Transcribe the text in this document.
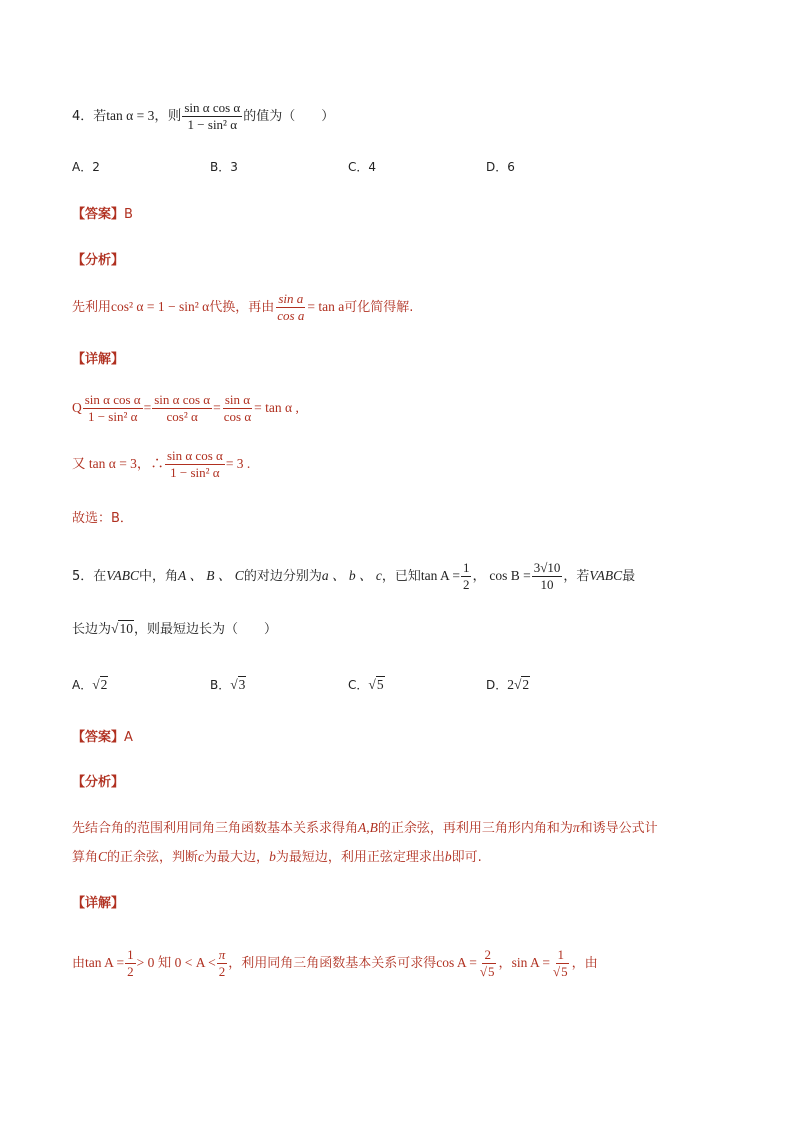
4．若tan α = 3，则 $\frac{\text{sin α cos α}}{\text{1 − sin² α}}$ 的值为（　　）
A．2	B．3	C．4	D．6
【答案】B
【分析】
先利用cos² α = 1 − sin² α代换，再由 $\frac{\text{sin a}}{\text{cos a}} = \tan a$可化简得解.
【详解】
Q $\frac{\text{sin α cos α}}{\text{1 − sin² α}} = \frac{\text{sin α cos α}}{\text{cos² α}} = \frac{\text{sin α}}{\text{cos α}} = \tan \alpha$ ,
又 tan α = 3，∴ $\frac{\text{sin α cos α}}{\text{1 − sin² α}} = 3$ .
故选：B．
5．在VABC中，角A 、 B 、 C的对边分别为a 、 b 、 c，已知$\tan A = \frac{1}{2}$ ， $\cos B = \frac{3√10}{10}$ ，若VABC最
长边为√10，则最短边长为（　　）
A．√2	B．√3	C．√5	D．2√2
【答案】A
【分析】
先结合角的范围利用同角三角函数基本关系求得角A,B的正余弦，再利用三角形内角和为π和诱导公式计
算角C的正余弦，判断c为最大边，b为最短边，利用正弦定理求出b即可.
【详解】
由$\tan A = \frac{1}{2} > 0$ 知 $0 < A < \frac{\pi}{2}$ ，利用同角三角函数基本关系可求得$\cos A = \frac{2}{√5}$ ，$\sin A = \frac{1}{√5}$ ，由
